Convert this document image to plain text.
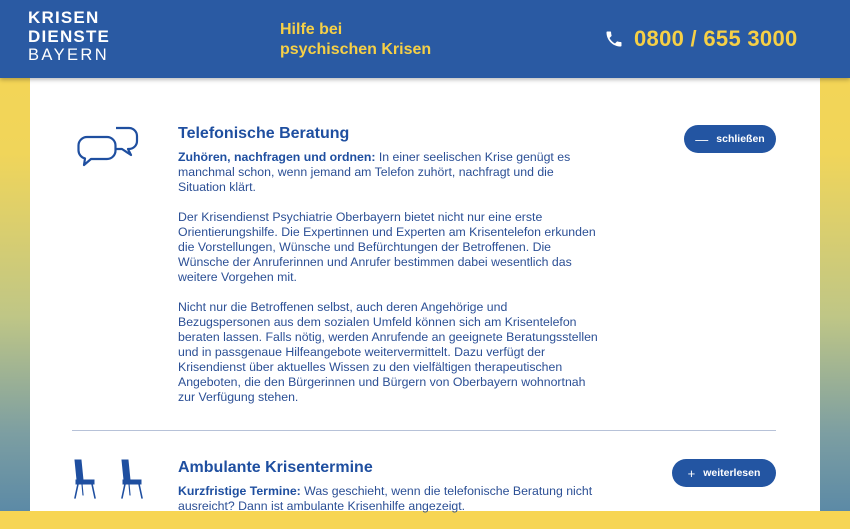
KRISEN
DIENSTE
BAYERN
Hilfe bei
psychischen Krisen	0800 / 655 3000
Telefonische Beratung	— schließen

Zuhören, nachfragen und ordnen: In einer seelischen Krise genügt es manchmal schon, wenn jemand am Telefon zuhört, nachfragt und die Situation klärt.

Der Krisendienst Psychiatrie Oberbayern bietet nicht nur eine erste Orientierungshilfe. Die Expertinnen und Experten am Krisentelefon erkunden die Vorstellungen, Wünsche und Befürchtungen der Betroffenen. Die Wünsche der Anruferinnen und Anrufer bestimmen dabei wesentlich das weitere Vorgehen mit.

Nicht nur die Betroffenen selbst, auch deren Angehörige und Bezugspersonen aus dem sozialen Umfeld können sich am Krisentelefon beraten lassen. Falls nötig, werden Anrufende an geeignete Beratungsstellen und in passgenaue Hilfeangebote weitervermittelt. Dazu verfügt der Krisendienst über aktuelles Wissen zu den vielfältigen therapeutischen Angeboten, die den Bürgerinnen und Bürgern von Oberbayern wohnortnah zur Verfügung stehen.

Ambulante Krisentermine	+ weiterlesen

Kurzfristige Termine: Was geschieht, wenn die telefonische Beratung nicht ausreicht? Dann ist ambulante Krisenhilfe angezeigt.
